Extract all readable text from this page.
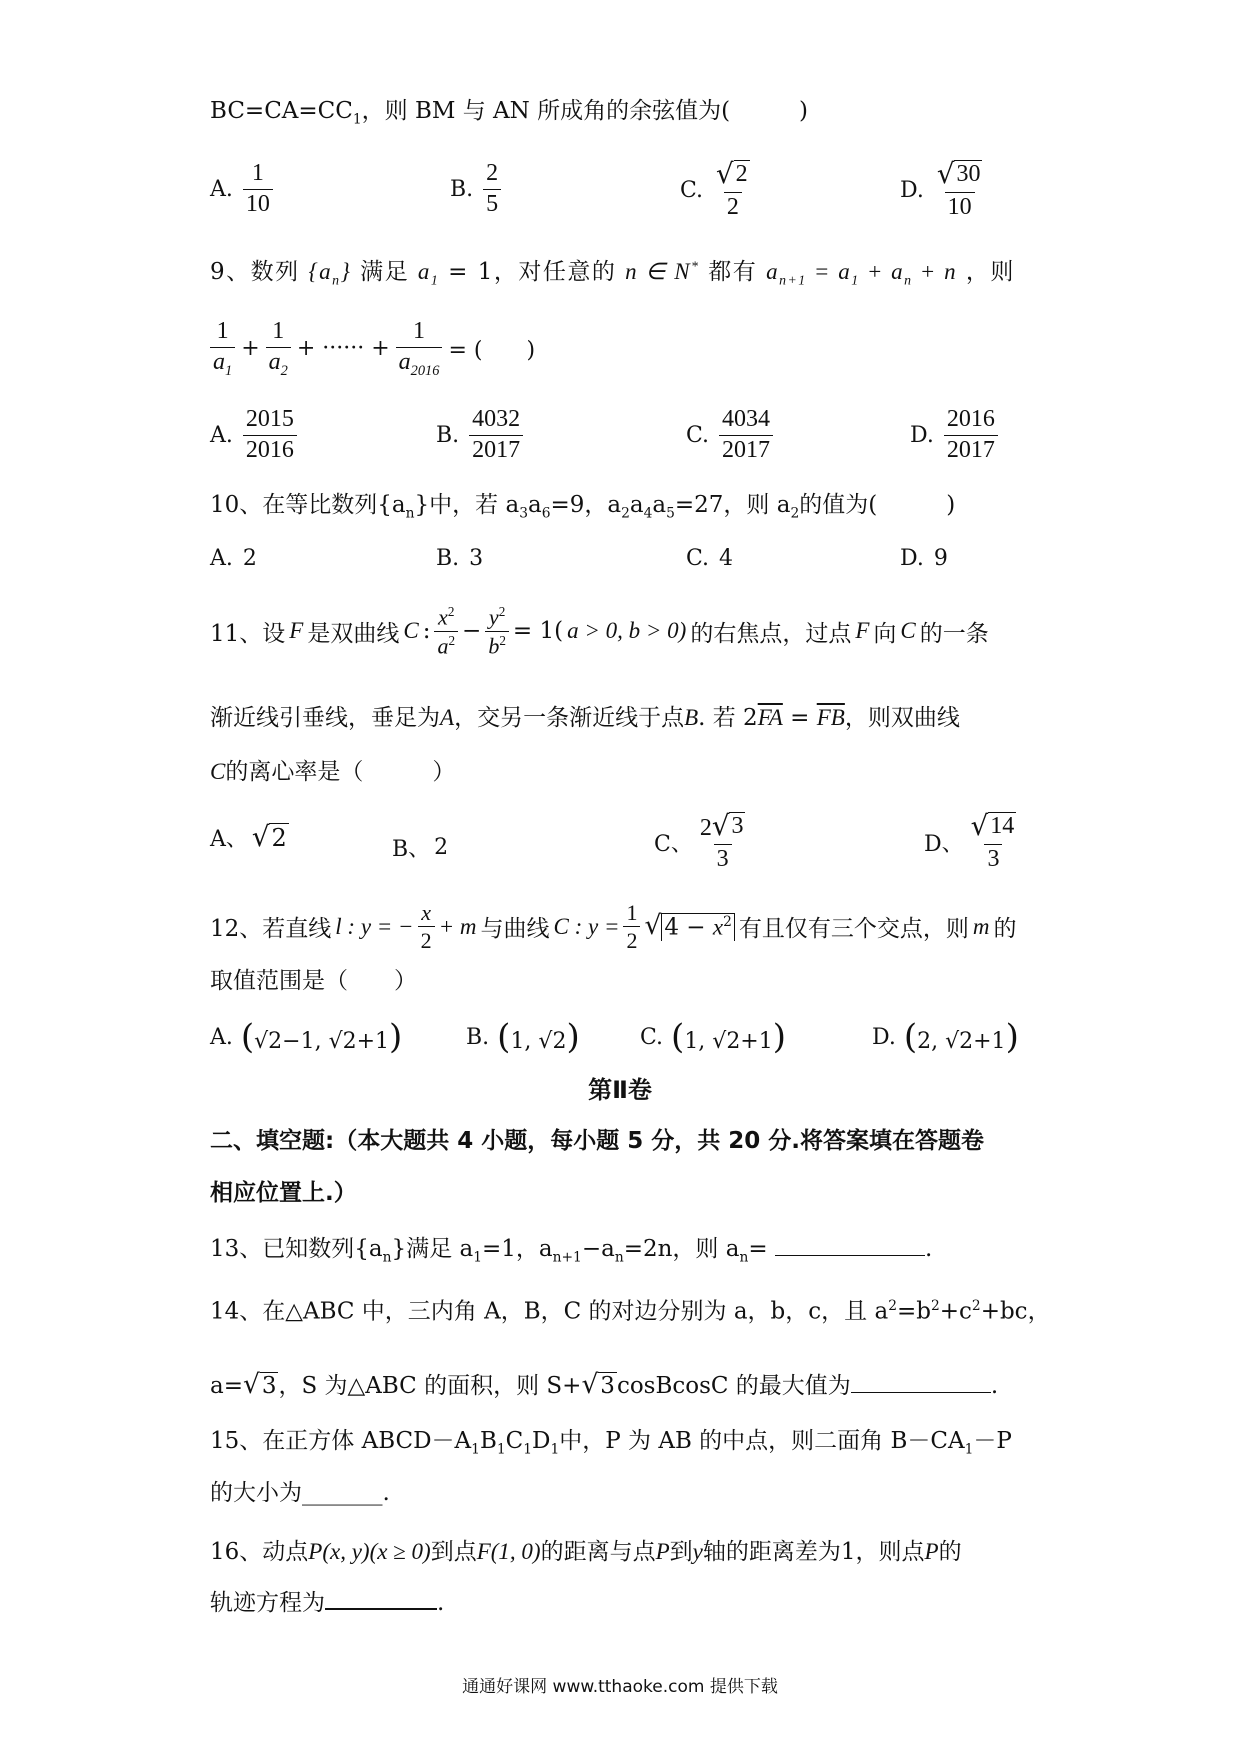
$BC=CA=CC_1$，则 BM 与 AN 所成角的余弦值为(　　　)
A. $\frac{1}{10}$	B. $\frac{2}{5}$	C. $\frac{√ 2}{2}$	D. $\frac{√ 30}{10}$
9、数列 $\{a_n\}$ 满足 $a_1 = 1$，对任意的 n ∈ N* 都有 $a_{n+1} = a_1 + a_n + n$ ，则
$\frac{1}{a_1} + \frac{1}{a_2}$ + ······ + $\frac{1}{a_{2016}}$ = (　　)
A. $\frac{2015}{2016}$	B. $\frac{4032}{2017}$	C. $\frac{4034}{2017}$	D. $\frac{2016}{2017}$
10、在等比数列$\{a_n\}$中，若 $a_3a_6=9$，$a_2a_4a_5=27$，则 $a_2$的值为(　　　)
A. 2	B. 3	C. 4	D. 9
11、设 F 是双曲线 C : $\frac{x^2}{a^2} - \frac{y^2}{b^2} = 1$( a > 0, b > 0) 的右焦点，过点 F 向 C 的一条
渐近线引垂线，垂足为A，交另一条渐近线于点B. 若 $2\overline{FA} = \overline{FB}$，则双曲线
C的离心率是（　　　）
A、 √ 2	B、 2	C、 $\frac{2 √ 3}{3}$	D、 $\frac{√ 14}{3}$
12、若直线 l : y = − $\frac{x}{2} + m$ 与曲线 C : $y = \frac{1}{2}$ √ $4 - x^2$ 有且仅有三个交点，则 m 的
取值范围是（　　）
A. (√2−1, √2+1)	B. (1, √2)	C. (1, √2+1)	D. (2, √2+1)
第Ⅱ卷
二、填空题:（本大题共 4 小题，每小题 5 分，共 20 分.将答案填在答题卷
相应位置上.）
13、已知数列$\{a_n\}$满足 $a_1=1$，$a_{n+1}-a_n=2n$，则 $a_n=$	.
14、在△ABC 中，三内角 A，B，C 的对边分别为 a，b，c，且 $a^2=b^2+c^2+bc$，
a= √ 3 ，S 为△ABC 的面积，则 S+ √ 3 cosBcosC 的最大值为	.
15、在正方体 $ABCD-A_1B_1C_1D_1$中，P 为 AB 的中点，则二面角 $B-CA_1-P$
的大小为_______.
16、动点P(x, y)(x ≥ 0)到点F(1, 0)的距离与点P到y轴的距离差为1，则点P的
轨迹方程为	.
通通好课网 www.tthaoke.com 提供下载
